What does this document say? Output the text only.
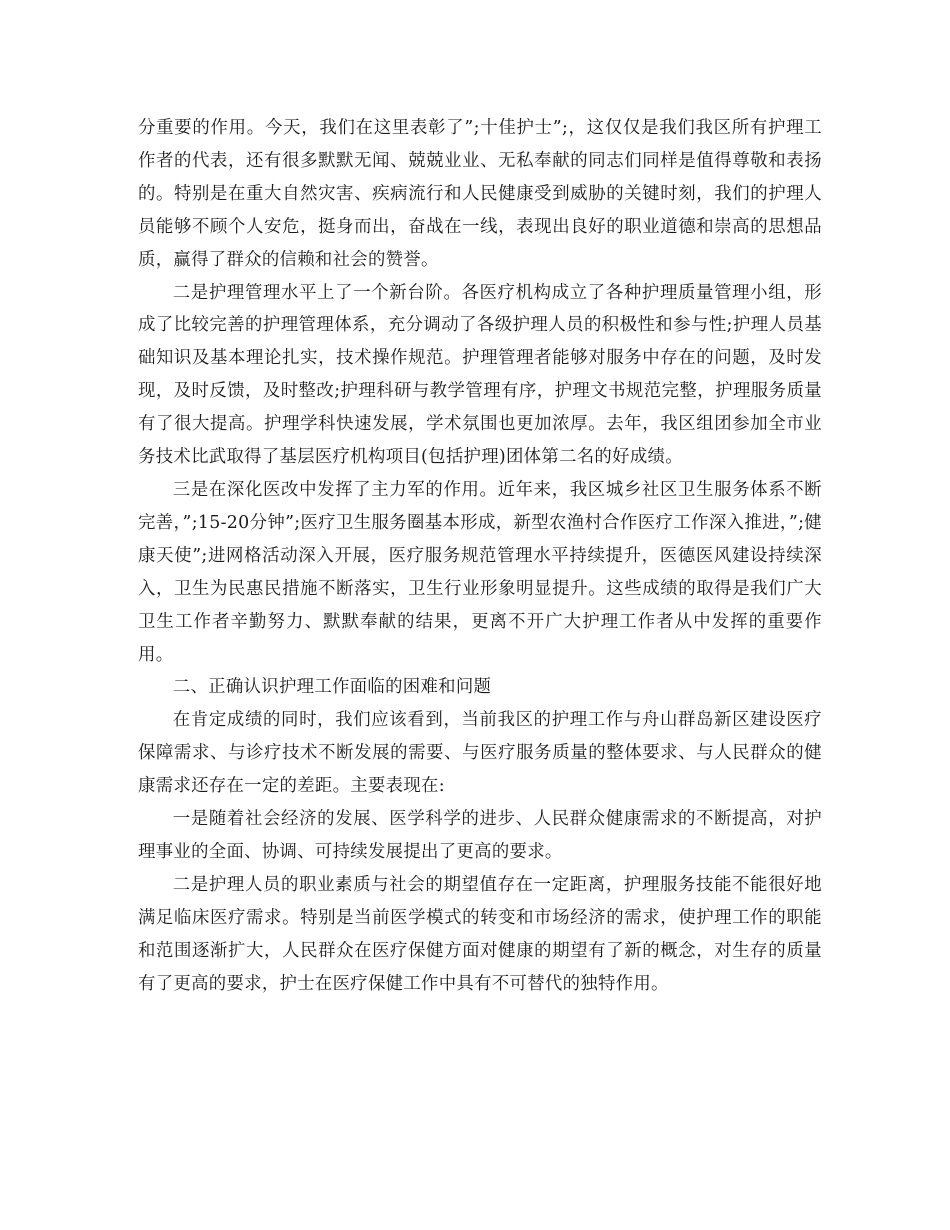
分重要的作用。今天，我们在这里表彰了”;十佳护士”;，这仅仅是我们我区所有护理工作者的代表，还有很多默默无闻、兢兢业业、无私奉献的同志们同样是值得尊敬和表扬的。特别是在重大自然灾害、疾病流行和人民健康受到威胁的关键时刻，我们的护理人员能够不顾个人安危，挺身而出，奋战在一线，表现出良好的职业道德和崇高的思想品质，赢得了群众的信赖和社会的赞誉。

二是护理管理水平上了一个新台阶。各医疗机构成立了各种护理质量管理小组，形成了比较完善的护理管理体系，充分调动了各级护理人员的积极性和参与性;护理人员基础知识及基本理论扎实，技术操作规范。护理管理者能够对服务中存在的问题，及时发现，及时反馈，及时整改;护理科研与教学管理有序，护理文书规范完整，护理服务质量有了很大提高。护理学科快速发展，学术氛围也更加浓厚。去年，我区组团参加全市业务技术比武取得了基层医疗机构项目(包括护理)团体第二名的好成绩。

三是在深化医改中发挥了主力军的作用。近年来，我区城乡社区卫生服务体系不断完善，”;15-20分钟”;医疗卫生服务圈基本形成，新型农渔村合作医疗工作深入推进，”;健康天使”;进网格活动深入开展，医疗服务规范管理水平持续提升，医德医风建设持续深入，卫生为民惠民措施不断落实，卫生行业形象明显提升。这些成绩的取得是我们广大卫生工作者辛勤努力、默默奉献的结果，更离不开广大护理工作者从中发挥的重要作用。

二、正确认识护理工作面临的困难和问题

在肯定成绩的同时，我们应该看到，当前我区的护理工作与舟山群岛新区建设医疗保障需求、与诊疗技术不断发展的需要、与医疗服务质量的整体要求、与人民群众的健康需求还存在一定的差距。主要表现在:

一是随着社会经济的发展、医学科学的进步、人民群众健康需求的不断提高，对护理事业的全面、协调、可持续发展提出了更高的要求。

二是护理人员的职业素质与社会的期望值存在一定距离，护理服务技能不能很好地满足临床医疗需求。特别是当前医学模式的转变和市场经济的需求，使护理工作的职能和范围逐渐扩大，人民群众在医疗保健方面对健康的期望有了新的概念，对生存的质量有了更高的要求，护士在医疗保健工作中具有不可替代的独特作用。
